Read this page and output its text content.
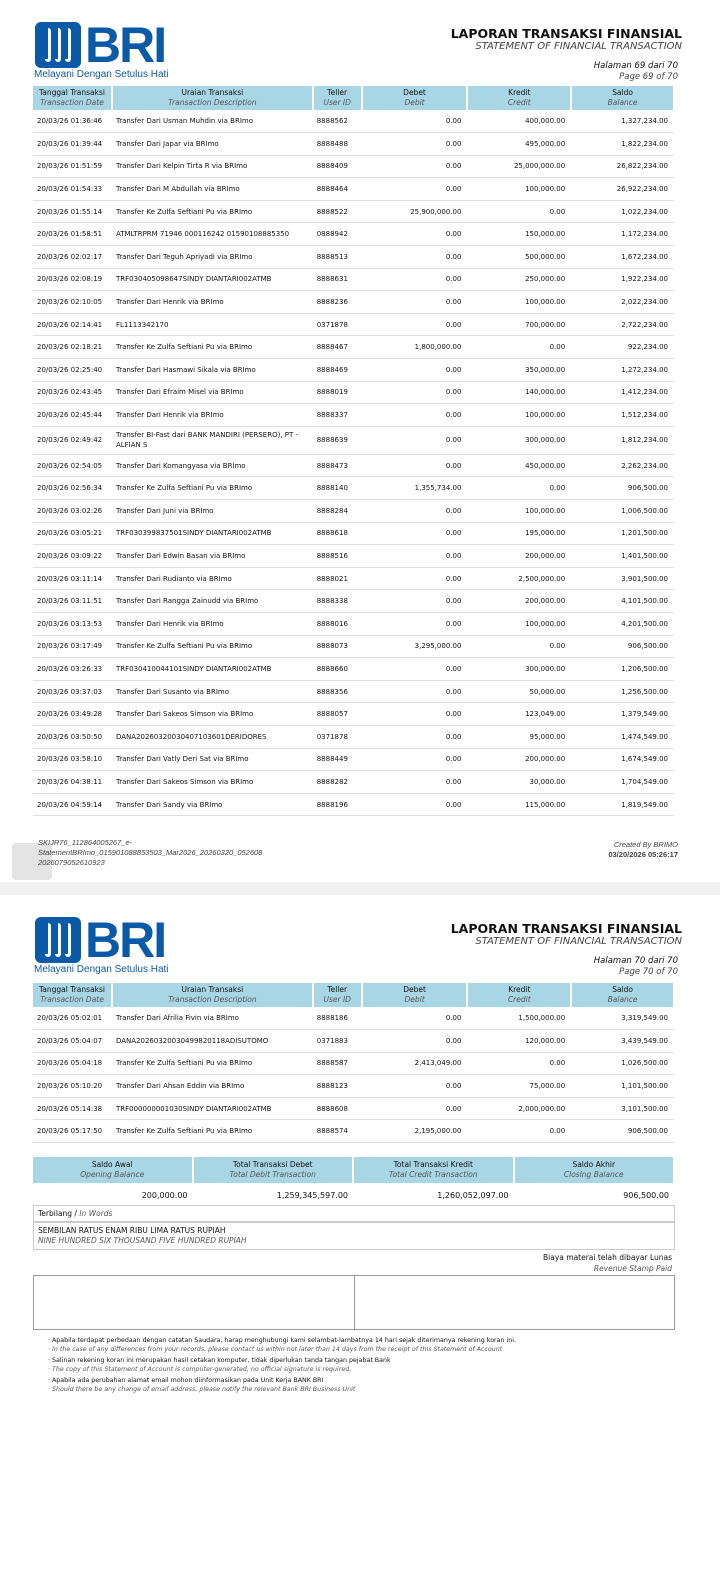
BRI
Melayani Dengan Setulus Hati
LAPORAN TRANSAKSI FINANSIAL
STATEMENT OF FINANCIAL TRANSACTION
Halaman 69 dari 70
Page 69 of 70
Tanggal Transaksi
Transaction Date	Uraian Transaksi
Transaction Description	Teller
User ID	Debet
Debit	Kredit
Credit	Saldo
Balance

20/03/26 01:36:46	Transfer Dari Usman Muhdin via BRImo	8888562	0.00	400,000.00	1,327,234.00
20/03/26 01:39:44	Transfer Dari Japar via BRImo	8888488	0.00	495,000.00	1,822,234.00
20/03/26 01:51:59	Transfer Dari Kelpin Tirta R via BRImo	8888409	0.00	25,000,000.00	26,822,234.00
20/03/26 01:54:33	Transfer Dari M Abdullah via BRImo	8888464	0.00	100,000.00	26,922,234.00
20/03/26 01:55:14	Transfer Ke Zulfa Seftiani Pu via BRImo	8888522	25,900,000.00	0.00	1,022,234.00
20/03/26 01:58:51	ATMLTRPRM 71946 000116242 01590108885350	0888942	0.00	150,000.00	1,172,234.00
20/03/26 02:02:17	Transfer Dari Teguh Apriyadi via BRImo	8888513	0.00	500,000.00	1,672,234.00
20/03/26 02:08:19	TRF030405098647SINDY DIANTARI002ATMB	8888631	0.00	250,000.00	1,922,234.00
20/03/26 02:10:05	Transfer Dari Henrik via BRImo	8888236	0.00	100,000.00	2,022,234.00
20/03/26 02:14:41	FL1113342170	0371878	0.00	700,000.00	2,722,234.00
20/03/26 02:18:21	Transfer Ke Zulfa Seftiani Pu via BRImo	8888467	1,800,000.00	0.00	922,234.00
20/03/26 02:25:40	Transfer Dari Hasmawi Sikala via BRImo	8888469	0.00	350,000.00	1,272,234.00
20/03/26 02:43:45	Transfer Dari Efraim Misel via BRImo	8888019	0.00	140,000.00	1,412,234.00
20/03/26 02:45:44	Transfer Dari Henrik via BRImo	8888337	0.00	100,000.00	1,512,234.00
20/03/26 02:49:42	Transfer BI-Fast dari BANK MANDIRI (PERSERO), PT - ALFIAN S	8888639	0.00	300,000.00	1,812,234.00
20/03/26 02:54:05	Transfer Dari Komangyasa via BRImo	8888473	0.00	450,000.00	2,262,234.00
20/03/26 02:56:34	Transfer Ke Zulfa Seftiani Pu via BRImo	8888140	1,355,734.00	0.00	906,500.00
20/03/26 03:02:26	Transfer Dari Juni via BRImo	8888284	0.00	100,000.00	1,006,500.00
20/03/26 03:05:21	TRF030399837501SINDY DIANTARI002ATMB	8888618	0.00	195,000.00	1,201,500.00
20/03/26 03:09:22	Transfer Dari Edwin Basan via BRImo	8888516	0.00	200,000.00	1,401,500.00
20/03/26 03:11:14	Transfer Dari Rudianto via BRImo	8888021	0.00	2,500,000.00	3,901,500.00
20/03/26 03:11:51	Transfer Dari Rangga Zainudd via BRImo	8888338	0.00	200,000.00	4,101,500.00
20/03/26 03:13:53	Transfer Dari Henrik via BRImo	8888016	0.00	100,000.00	4,201,500.00
20/03/26 03:17:49	Transfer Ke Zulfa Seftiani Pu via BRImo	8888073	3,295,000.00	0.00	906,500.00
20/03/26 03:26:33	TRF030410044101SINDY DIANTARI002ATMB	8888660	0.00	300,000.00	1,206,500.00
20/03/26 03:37:03	Transfer Dari Susanto via BRImo	8888356	0.00	50,000.00	1,256,500.00
20/03/26 03:49:28	Transfer Dari Sakeos Simson via BRImo	8888057	0.00	123,049.00	1,379,549.00
20/03/26 03:50:50	DANA20260320030407103601DERIDORES	0371878	0.00	95,000.00	1,474,549.00
20/03/26 03:58:10	Transfer Dari Vatly Deri Sat via BRImo	8888449	0.00	200,000.00	1,674,549.00
20/03/26 04:38:11	Transfer Dari Sakeos Simson via BRImo	8888282	0.00	30,000.00	1,704,549.00
20/03/26 04:59:14	Transfer Dari Sandy via BRImo	8888196	0.00	115,000.00	1,819,549.00
SKIJR76_112864005267_e-
StatementBRImo_015901088853503_Mar2026_20260320_052608
2026079052610923
Created By BRIMO
03/20/2026 05:26:17
BRI
Melayani Dengan Setulus Hati
LAPORAN TRANSAKSI FINANSIAL
STATEMENT OF FINANCIAL TRANSACTION
Halaman 70 dari 70
Page 70 of 70
Tanggal Transaksi
Transaction Date	Uraian Transaksi
Transaction Description	Teller
User ID	Debet
Debit	Kredit
Credit	Saldo
Balance

20/03/26 05:02:01	Transfer Dari Afrilia Fivin via BRImo	8888186	0.00	1,500,000.00	3,319,549.00
20/03/26 05:04:07	DANA20260320030499820118ADISUTOMO	0371883	0.00	120,000.00	3,439,549.00
20/03/26 05:04:18	Transfer Ke Zulfa Seftiani Pu via BRImo	8888587	2,413,049.00	0.00	1,026,500.00
20/03/26 05:10:20	Transfer Dari Ahsan Eddin via BRImo	8888123	0.00	75,000.00	1,101,500.00
20/03/26 05:14:38	TRF000000001030SINDY DIANTARI002ATMB	8888608	0.00	2,000,000.00	3,101,500.00
20/03/26 05:17:50	Transfer Ke Zulfa Seftiani Pu via BRImo	8888574	2,195,000.00	0.00	906,500.00
Saldo Awal
Opening Balance
Total Transaksi Debet
Total Debit Transaction
Total Transaksi Kredit
Total Credit Transaction
Saldo Akhir
Closing Balance
200,000.00	1,259,345,597.00	1,260,052,097.00	906,500.00
Terbilang / In Words
SEMBILAN RATUS ENAM RIBU LIMA RATUS RUPIAH
NINE HUNDRED SIX THOUSAND FIVE HUNDRED RUPIAH
Biaya materai telah dibayar Lunas
Revenue Stamp Paid
· Apabila terdapat perbedaan dengan catatan Saudara, harap menghubungi kami selambat-lambatnya 14 hari sejak diterimanya rekening koran ini.
· In the case of any differences from your records, please contact us within not later than 14 days from the receipt of this Statement of Account
· Salinan rekening koran ini merupakan hasil cetakan komputer, tidak diperlukan tanda tangan pejabat Bank
· The copy of this Statement of Account is computer-generated, no official signature is required.
· Apabila ada perubahan alamat email mohon diinformasikan pada Unit Kerja BANK BRI
· Should there be any change of email address, please notify the relevant Bank BRI Business Unit
